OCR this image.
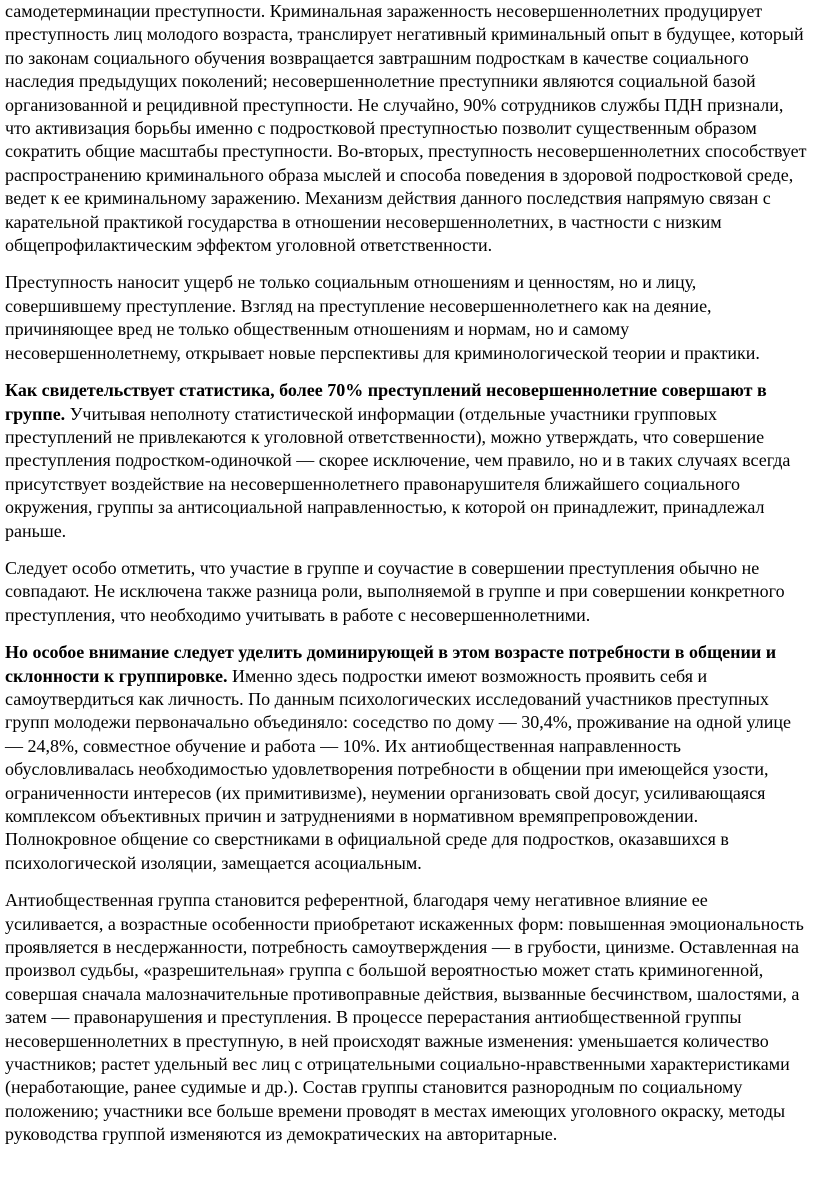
самодетерминации преступности. Криминальная зараженность несовершеннолетних продуцирует преступность лиц молодого возраста, транслирует негативный криминальный опыт в будущее, который по законам социального обучения возвращается завтрашним подросткам в качестве социального наследия предыдущих поколений; несовершеннолетние преступники являются социальной базой организованной и рецидивной преступности. Не случайно, 90% сотрудников службы ПДН признали, что активизация борьбы именно с подростковой преступностью позволит существенным образом сократить общие масштабы преступности. Во-вторых, преступность несовершеннолетних способствует распространению криминального образа мыслей и способа поведения в здоровой подростковой среде, ведет к ее криминальному заражению. Механизм действия данного последствия напрямую связан с карательной практикой государства в отношении несовершеннолетних, в частности с низким общепрофилактическим эффектом уголовной ответственности.

Преступность наносит ущерб не только социальным отношениям и ценностям, но и лицу, совершившему преступление. Взгляд на преступление несовершеннолетнего как на деяние, причиняющее вред не только общественным отношениям и нормам, но и самому несовершеннолетнему, открывает новые перспективы для криминологической теории и практики.

Как свидетельствует статистика, более 70% преступлений несовершеннолетние совершают в группе. Учитывая неполноту статистической информации (отдельные участники групповых преступлений не привлекаются к уголовной ответственности), можно утверждать, что совершение преступления подростком-одиночкой — скорее исключение, чем правило, но и в таких случаях всегда присутствует воздействие на несовершеннолетнего правонарушителя ближайшего социального окружения, группы за антисоциальной направленностью, к которой он принадлежит, принадлежал раньше.

Следует особо отметить, что участие в группе и соучастие в совершении преступления обычно не совпадают. Не исключена также разница роли, выполняемой в группе и при совершении конкретного преступления, что необходимо учитывать в работе с несовершеннолетними.

Но особое внимание следует уделить доминирующей в этом возрасте потребности в общении и склонности к группировке. Именно здесь подростки имеют возможность проявить себя и самоутвердиться как личность. По данным психологических исследований участников преступных групп молодежи первоначально объединяло: соседство по дому — 30,4%, проживание на одной улице — 24,8%, совместное обучение и работа — 10%. Их антиобщественная направленность обусловливалась необходимостью удовлетворения потребности в общении при имеющейся узости, ограниченности интересов (их примитивизме), неумении организовать свой досуг, усиливающаяся комплексом объективных причин и затруднениями в нормативном времяпрепровождении. Полнокровное общение со сверстниками в официальной среде для подростков, оказавшихся в психологической изоляции, замещается асоциальным.

Антиобщественная группа становится референтной, благодаря чему негативное влияние ее усиливается, а возрастные особенности приобретают искаженных форм: повышенная эмоциональность проявляется в несдержанности, потребность самоутверждения — в грубости, цинизме. Оставленная на произвол судьбы, «разрешительная» группа с большой вероятностью может стать криминогенной, совершая сначала малозначительные противоправные действия, вызванные бесчинством, шалостями, а затем — правонарушения и преступления. В процессе перерастания антиобщественной группы несовершеннолетних в преступную, в ней происходят важные изменения: уменьшается количество участников; растет удельный вес лиц с отрицательными социально-нравственными характеристиками (неработающие, ранее судимые и др.). Состав группы становится разнородным по социальному положению; участники все больше времени проводят в местах имеющих уголовного окраску, методы руководства группой изменяются из демократических на авторитарные.
